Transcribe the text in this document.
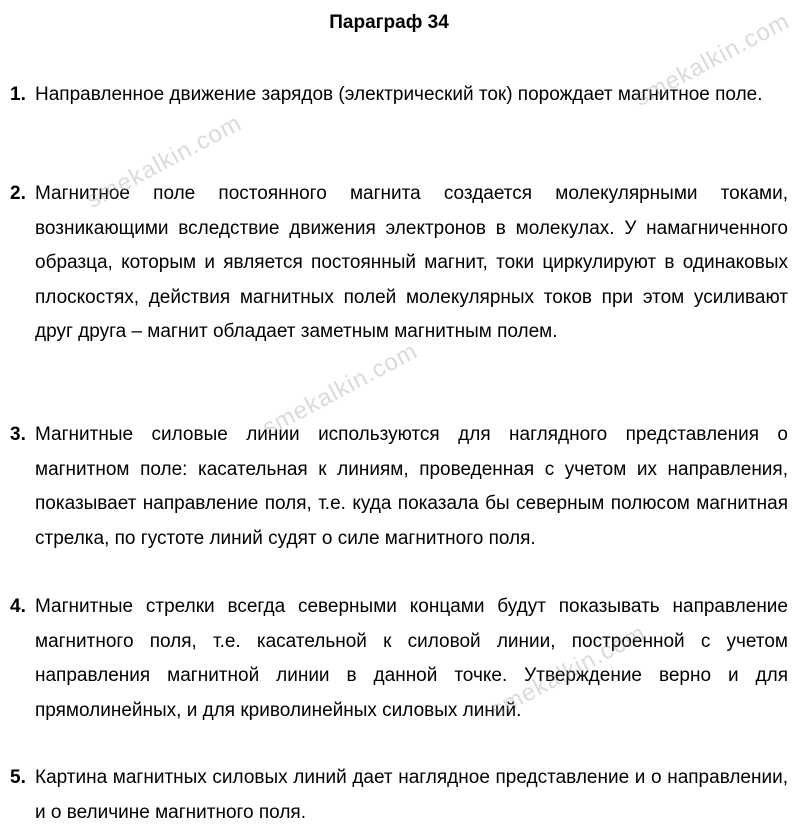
Параграф 34
1. Направленное движение зарядов (электрический ток) порождает магнитное поле.
2. Магнитное поле постоянного магнита создается молекулярными токами, возникающими вследствие движения электронов в молекулах. У намагниченного образца, которым и является постоянный магнит, токи циркулируют в одинаковых плоскостях, действия магнитных полей молекулярных токов при этом усиливают друг друга – магнит обладает заметным магнитным полем.
3. Магнитные силовые линии используются для наглядного представления о магнитном поле: касательная к линиям, проведенная с учетом их направления, показывает направление поля, т.е. куда показала бы северным полюсом магнитная стрелка, по густоте линий судят о силе магнитного поля.
4. Магнитные стрелки всегда северными концами будут показывать направление магнитного поля, т.е. касательной к силовой линии, построенной с учетом направления магнитной линии в данной точке. Утверждение верно и для прямолинейных, и для криволинейных силовых линий.
5. Картина магнитных силовых линий дает наглядное представление и о направлении, и о величине магнитного поля.
smekalkin.com
smekalkin.com
smekalkin.com
smekalkin.com
